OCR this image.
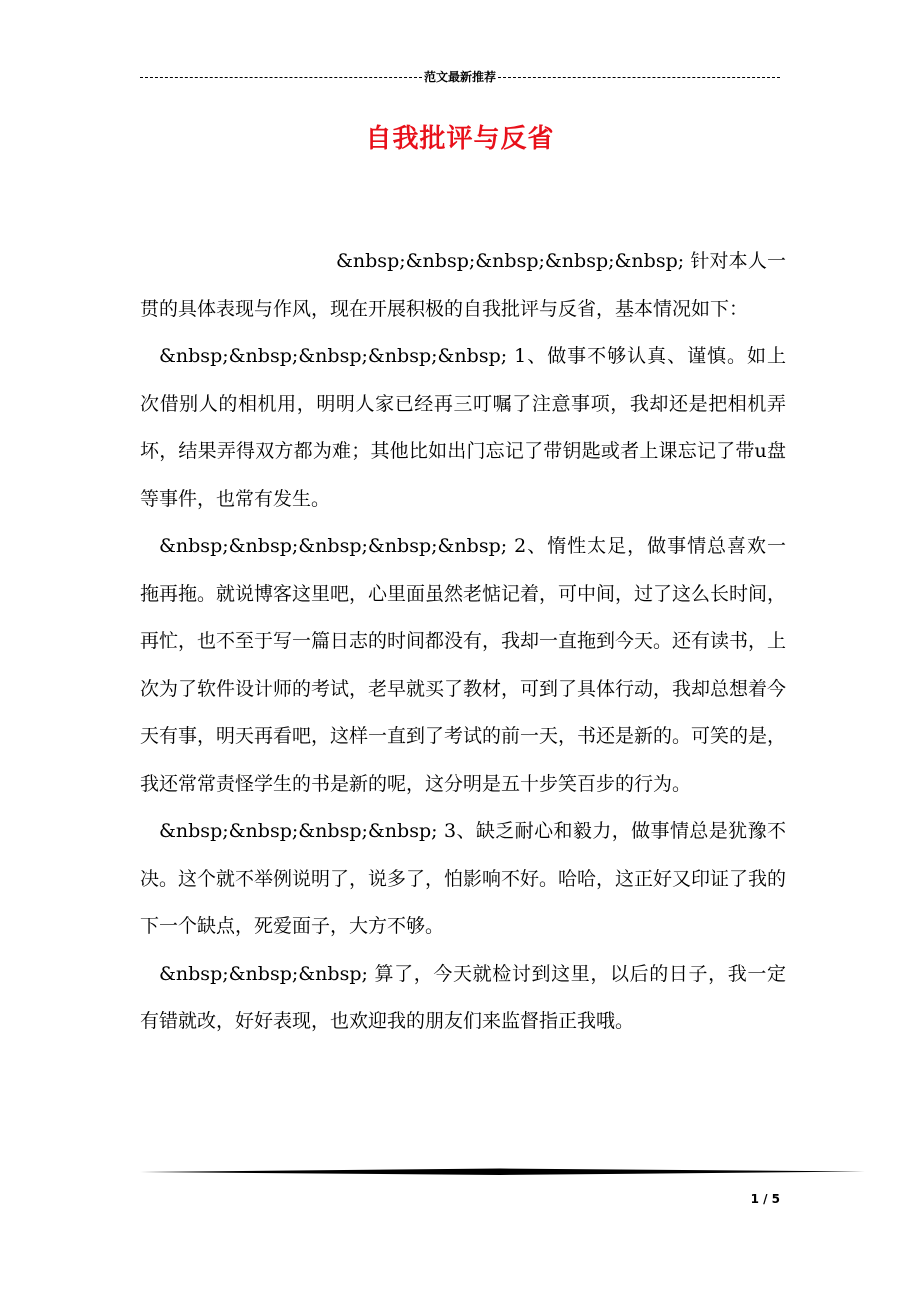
范文最新推荐
自我批评与反省

&nbsp;&nbsp;&nbsp;&nbsp;&nbsp; 针对本人一贯的具体表现与作风，现在开展积极的自我批评与反省，基本情况如下：

&nbsp;&nbsp;&nbsp;&nbsp;&nbsp; 1、做事不够认真、谨慎。如上次借别人的相机用，明明人家已经再三叮嘱了注意事项，我却还是把相机弄坏，结果弄得双方都为难；其他比如出门忘记了带钥匙或者上课忘记了带u盘等事件，也常有发生。

&nbsp;&nbsp;&nbsp;&nbsp;&nbsp; 2、惰性太足，做事情总喜欢一拖再拖。就说博客这里吧，心里面虽然老惦记着，可中间，过了这么长时间，再忙，也不至于写一篇日志的时间都没有，我却一直拖到今天。还有读书，上次为了软件设计师的考试，老早就买了教材，可到了具体行动，我却总想着今天有事，明天再看吧，这样一直到了考试的前一天，书还是新的。可笑的是，我还常常责怪学生的书是新的呢，这分明是五十步笑百步的行为。

&nbsp;&nbsp;&nbsp;&nbsp; 3、缺乏耐心和毅力，做事情总是犹豫不决。这个就不举例说明了，说多了，怕影响不好。哈哈，这正好又印证了我的下一个缺点，死爱面子，大方不够。

&nbsp;&nbsp;&nbsp; 算了，今天就检讨到这里，以后的日子，我一定有错就改，好好表现，也欢迎我的朋友们来监督指正我哦。

1 / 5
